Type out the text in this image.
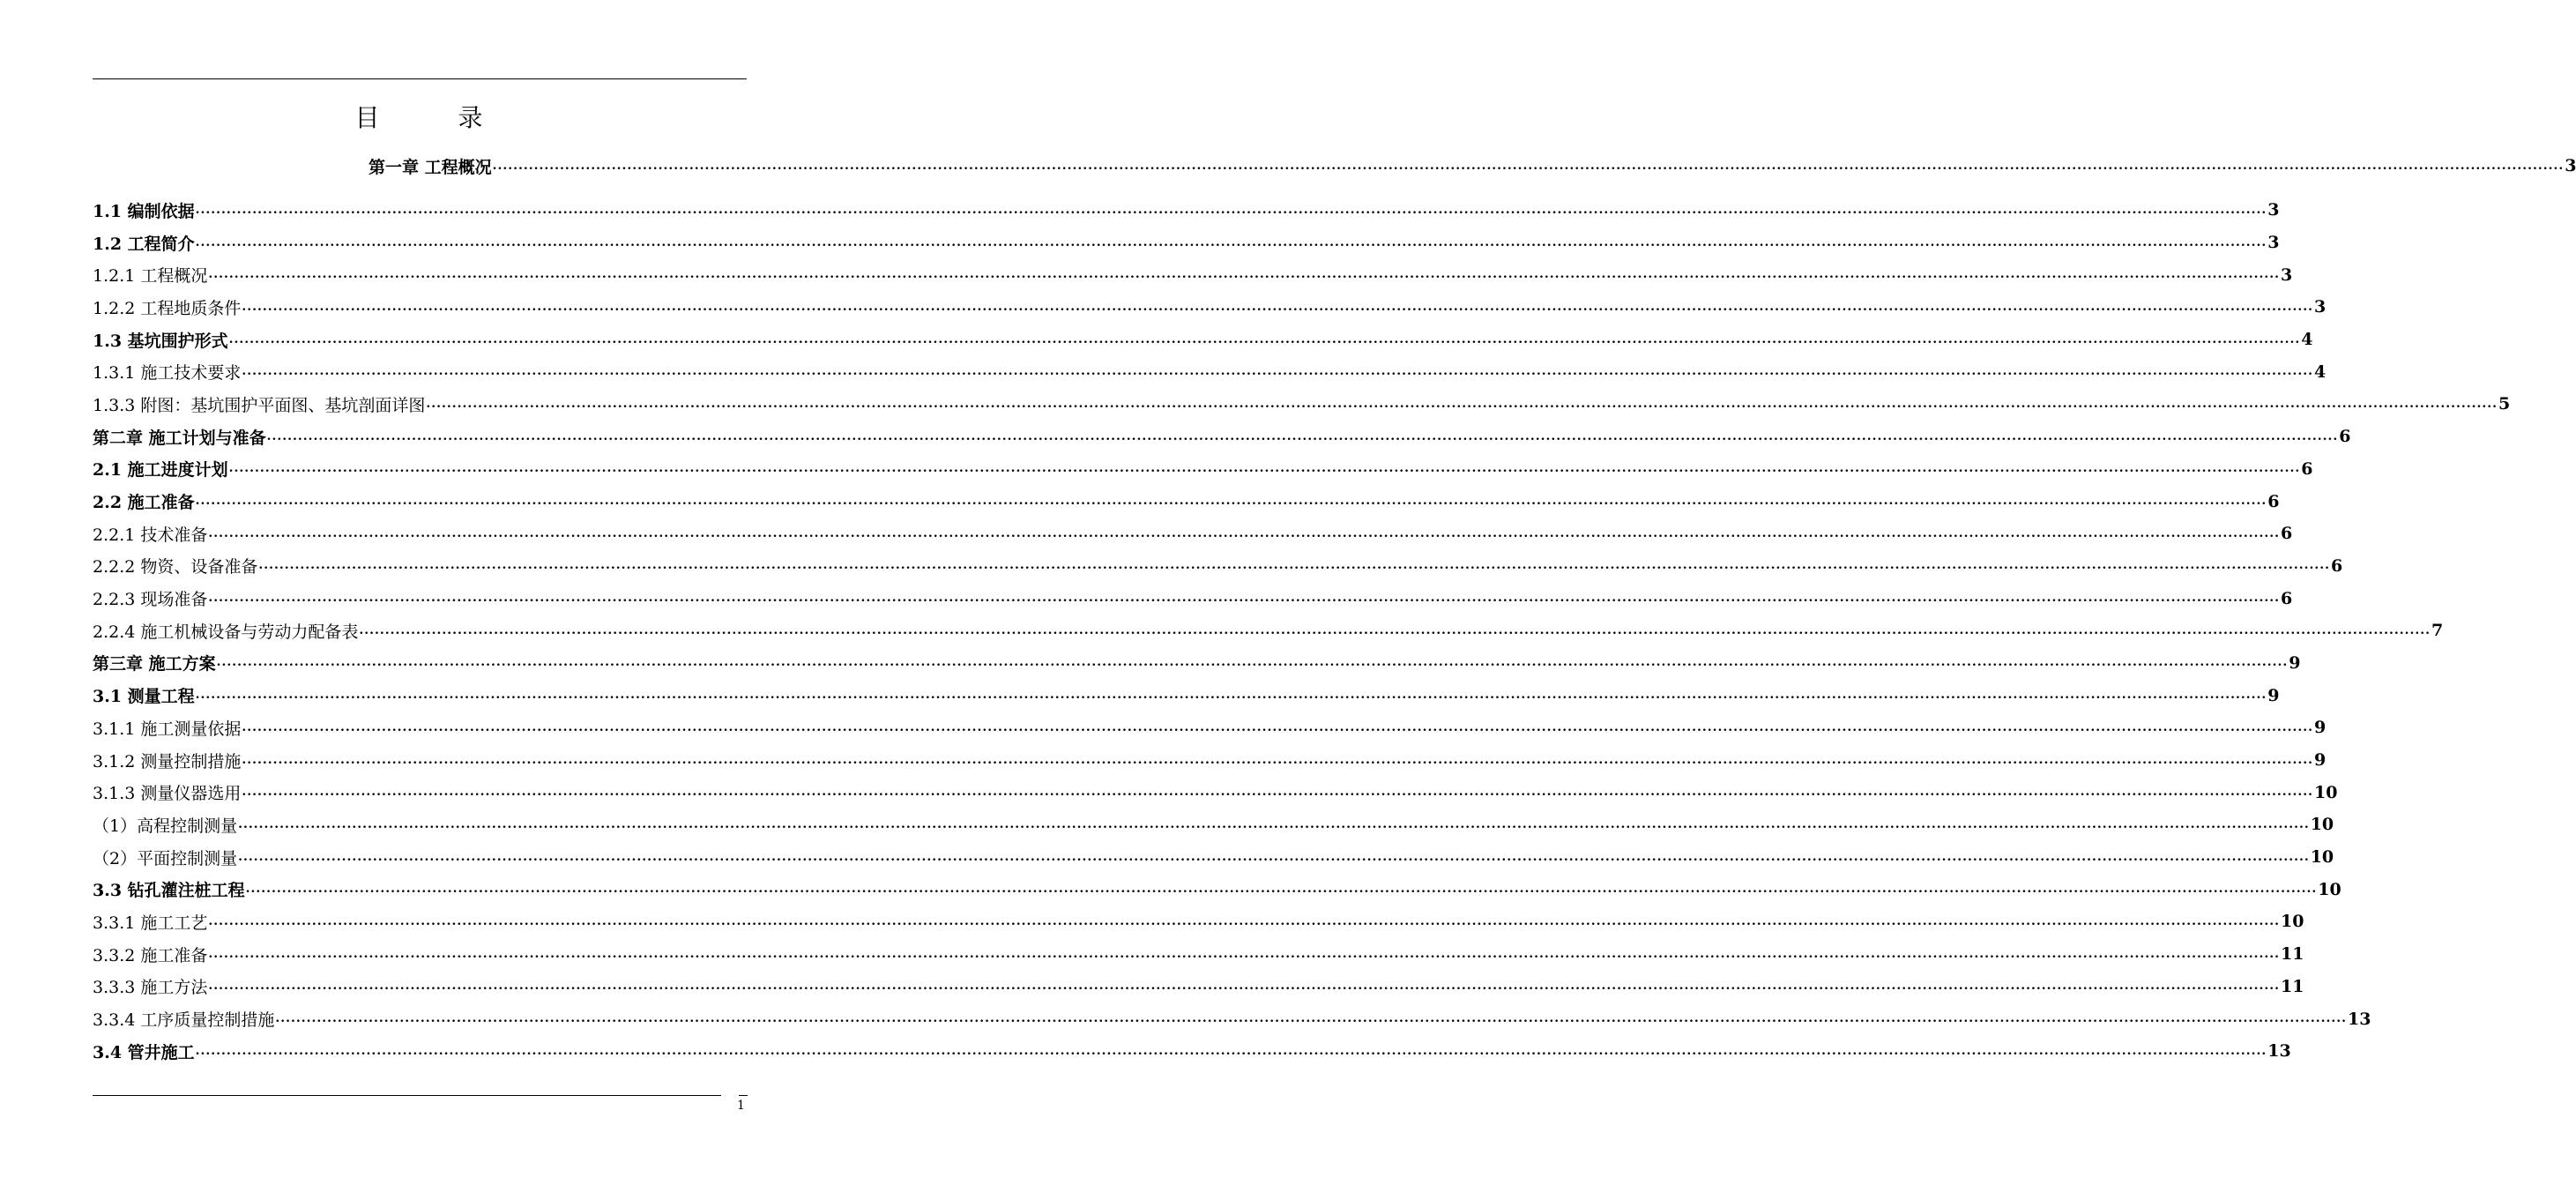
目 录
第一章 工程概况 ................................................................................................................................................................................................................................................................................................................................................................................................................ 3
1.1 编制依据 ................................................................................................................................................................................................................................................................................................................................................................................................................ 3
1.2 工程简介 ................................................................................................................................................................................................................................................................................................................................................................................................................ 3
1.2.1 工程概况 ................................................................................................................................................................................................................................................................................................................................................................................................................ 3
1.2.2 工程地质条件 ................................................................................................................................................................................................................................................................................................................................................................................................................ 3
1.3 基坑围护形式 ................................................................................................................................................................................................................................................................................................................................................................................................................ 4
1.3.1 施工技术要求 ................................................................................................................................................................................................................................................................................................................................................................................................................ 4
1.3.3 附图：基坑围护平面图、基坑剖面详图 ................................................................................................................................................................................................................................................................................................................................................................................................................ 5
第二章 施工计划与准备 ................................................................................................................................................................................................................................................................................................................................................................................................................ 6
2.1 施工进度计划 ................................................................................................................................................................................................................................................................................................................................................................................................................ 6
2.2 施工准备 ................................................................................................................................................................................................................................................................................................................................................................................................................ 6
2.2.1 技术准备 ................................................................................................................................................................................................................................................................................................................................................................................................................ 6
2.2.2 物资、设备准备 ................................................................................................................................................................................................................................................................................................................................................................................................................ 6
2.2.3 现场准备 ................................................................................................................................................................................................................................................................................................................................................................................................................ 6
2.2.4 施工机械设备与劳动力配备表 ................................................................................................................................................................................................................................................................................................................................................................................................................ 7
第三章 施工方案 ................................................................................................................................................................................................................................................................................................................................................................................................................ 9
3.1 测量工程 ................................................................................................................................................................................................................................................................................................................................................................................................................ 9
3.1.1 施工测量依据 ................................................................................................................................................................................................................................................................................................................................................................................................................ 9
3.1.2 测量控制措施 ................................................................................................................................................................................................................................................................................................................................................................................................................ 9
3.1.3 测量仪器选用 ................................................................................................................................................................................................................................................................................................................................................................................................................ 10
（1）高程控制测量 ................................................................................................................................................................................................................................................................................................................................................................................................................ 10
（2）平面控制测量 ................................................................................................................................................................................................................................................................................................................................................................................................................ 10
3.3 钻孔灌注桩工程 ................................................................................................................................................................................................................................................................................................................................................................................................................ 10
3.3.1 施工工艺 ................................................................................................................................................................................................................................................................................................................................................................................................................ 10
3.3.2 施工准备 ................................................................................................................................................................................................................................................................................................................................................................................................................ 11
3.3.3 施工方法 ................................................................................................................................................................................................................................................................................................................................................................................................................ 11
3.3.4 工序质量控制措施 ................................................................................................................................................................................................................................................................................................................................................................................................................ 13
3.4 管井施工 ................................................................................................................................................................................................................................................................................................................................................................................................................ 13
1
